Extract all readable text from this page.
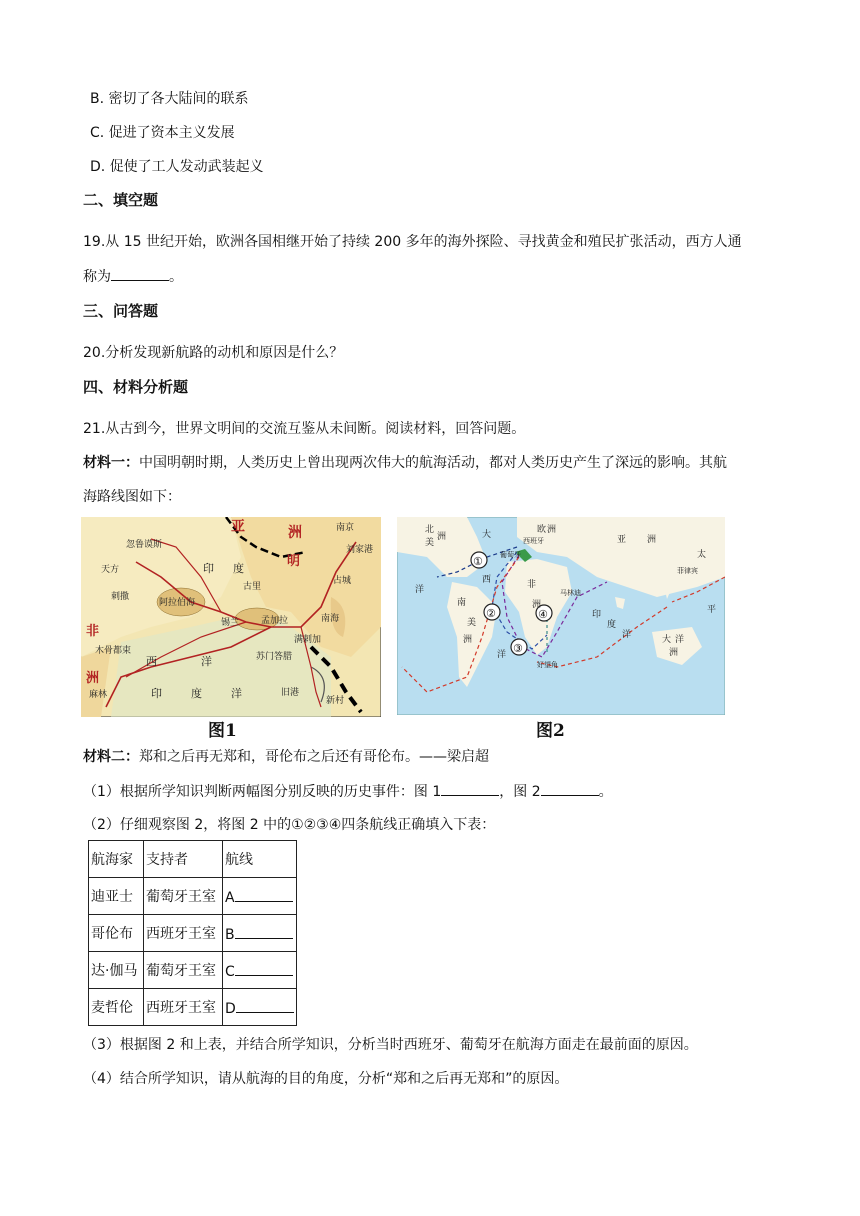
B. 密切了各大陆间的联系
C. 促进了资本主义发展
D. 促使了工人发动武装起义
二、填空题
19.从 15 世纪开始，欧洲各国相继开始了持续 200 多年的海外探险、寻找黄金和殖民扩张活动，西方人通
称为	。
三、问答题
20.分析发现新航路的动机和原因是什么？
四、材料分析题
21.从古到今，世界文明间的交流互鉴从未间断。阅读材料，回答问题。
材料一：中国明朝时期，人类历史上曾出现两次伟大的航海活动，都对人类历史产生了深远的影响。其航
海路线图如下：
亚	洲
明
南京
刘家港
忽鲁谟斯
天方	印 度
古里
锡兰 孟加拉
阿拉伯海
刺撒
非
洲
木骨都束
西	洋	苏门答腊
满剌加
南海
印	度	洋
麻林	旧港
占城
新村
图1
①
②
③
④
北
美
洲	大
西
洋
南
美
洲
欧 洲
亚 洲
非
洲
太
平
洋
印
度
洋	大 洋
洲
马林迪
好望角
菲律宾
西班牙
葡萄牙
图2
材料二：郑和之后再无郑和，哥伦布之后还有哥伦布。——梁启超
（1）根据所学知识判断两幅图分别反映的历史事件：图 1	，图 2	。
（2）仔细观察图 2，将图 2 中的①②③④四条航线正确填入下表：
航海家	支持者	航线
迪亚士	葡萄牙王室	A
哥伦布	西班牙王室	B
达·伽马	葡萄牙王室	C
麦哲伦	西班牙王室	D
（3）根据图 2 和上表，并结合所学知识，分析当时西班牙、葡萄牙在航海方面走在最前面的原因。
（4）结合所学知识，请从航海的目的角度，分析“郑和之后再无郑和”的原因。
